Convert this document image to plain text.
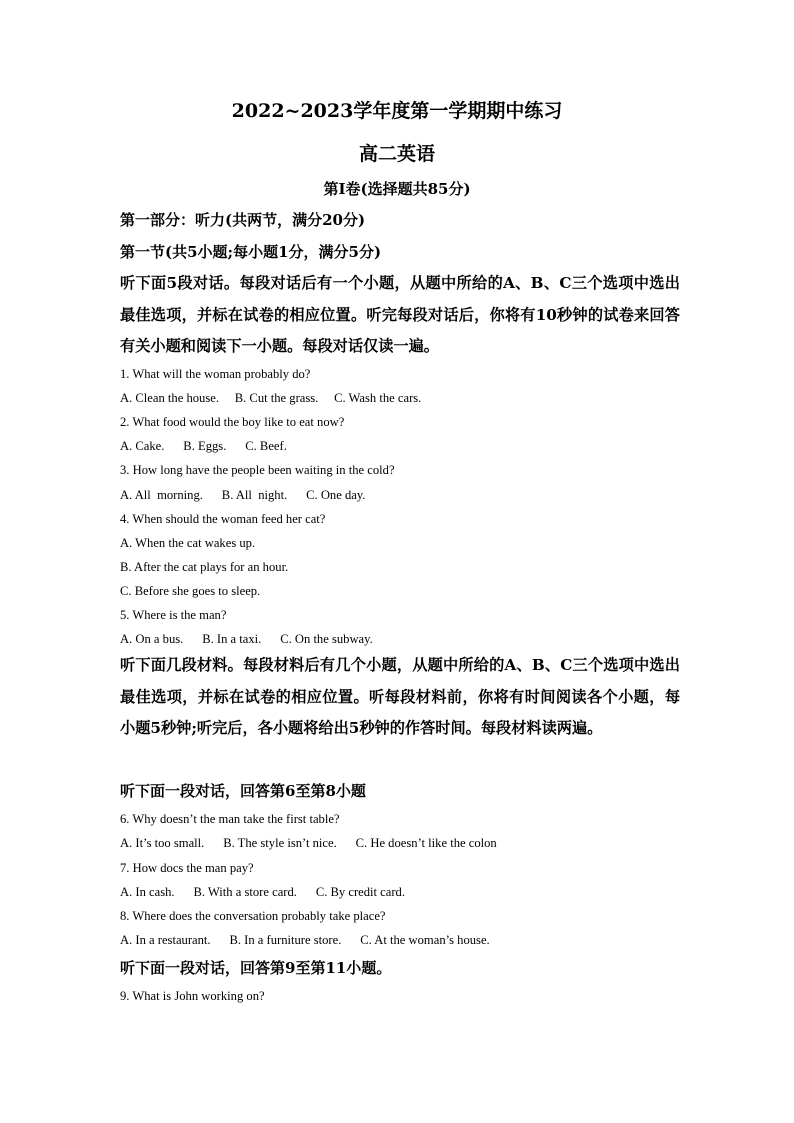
2022~2023学年度第一学期期中练习
高二英语
第I卷(选择题共85分)
第一部分：听力(共两节，满分20分)
第一节(共5小题;每小题1分，满分5分)
听下面5段对话。每段对话后有一个小题，从题中所给的A、B、C三个选项中选出最佳选项，并标在试卷的相应位置。听完每段对话后，你将有10秒钟的试卷来回答有关小题和阅读下一小题。每段对话仅读一遍。
1. What will the woman probably do?
A. Clean the house.     B. Cut the grass.     C. Wash the cars.
2. What food would the boy like to eat now?
A. Cake.      B. Eggs.      C. Beef.
3. How long have the people been waiting in the cold?
A. All  morning.      B. All  night.      C. One day.
4. When should the woman feed her cat?
A. When the cat wakes up.
B. After the cat plays for an hour.
C. Before she goes to sleep.
5. Where is the man?
A. On a bus.      B. In a taxi.      C. On the subway.
听下面几段材料。每段材料后有几个小题，从题中所给的A、B、C三个选项中选出最佳选项，并标在试卷的相应位置。听每段材料前，你将有时间阅读各个小题，每小题5秒钟;听完后，各小题将给出5秒钟的作答时间。每段材料读两遍。
听下面一段对话，回答第6至第8小题
6. Why doesn’t the man take the first table?
A. It’s too small.      B. The style isn’t nice.      C. He doesn’t like the colon
7. How docs the man pay?
A. In cash.      B. With a store card.      C. By credit card.
8. Where does the conversation probably take place?
A. In a restaurant.      B. In a furniture store.      C. At the woman’s house.
听下面一段对话，回答第9至第11小题。
9. What is John working on?
